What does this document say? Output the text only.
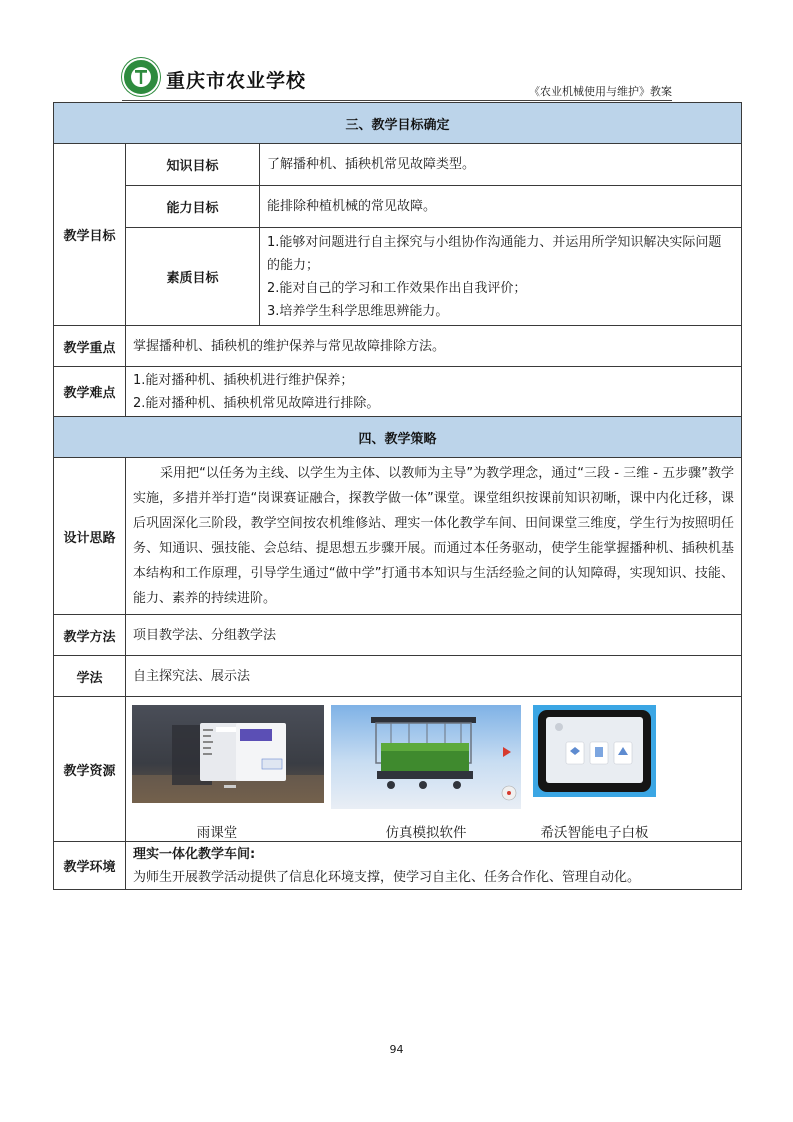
重庆市农业学校	《农业机械使用与维护》教案
三、教学目标确定		
教学目标	知识目标	了解播种机、插秧机常见故障类型。
	能力目标	能排除种植机械的常见故障。
	素质目标	1.能够对问题进行自主探究与小组协作沟通能力、并运用所学知识解决实际问题的能力；
2.能对自己的学习和工作效果作出自我评价；
3.培养学生科学思维思辨能力。

教学重点	掌握播种机、插秧机的维护保养与常见故障排除方法。	
教学难点	1.能对播种机、插秧机进行维护保养；
2.能对播种机、插秧机常见故障进行排除。	

四、教学策略		
设计思路	采用把“以任务为主线、以学生为主体、以教师为主导”为教学理念，通过“三段 - 三维 - 五步骤”教学实施，多措并举打造“岗课赛证融合，探教学做一体”课堂。课堂组织按课前知识初晰，课中内化迁移，课后巩固深化三阶段，教学空间按农机维修站、理实一体化教学车间、田间课堂三维度，学生行为按照明任务、知通识、强技能、会总结、提思想五步骤开展。而通过本任务驱动，使学生能掌握播种机、插秧机基本结构和工作原理，引导学生通过“做中学”打通书本知识与生活经验之间的认知障碍，实现知识、技能、能力、素养的持续进阶。	
教学方法	项目教学法、分组教学法	
学法	自主探究法、展示法	
教学资源	雨课堂 仿真模拟软件 希沃智能电子白板	

教学环境	理实一体化教学车间:
为师生开展教学活动提供了信息化环境支撑，使学习自主化、任务合作化、管理自动化。	
94
